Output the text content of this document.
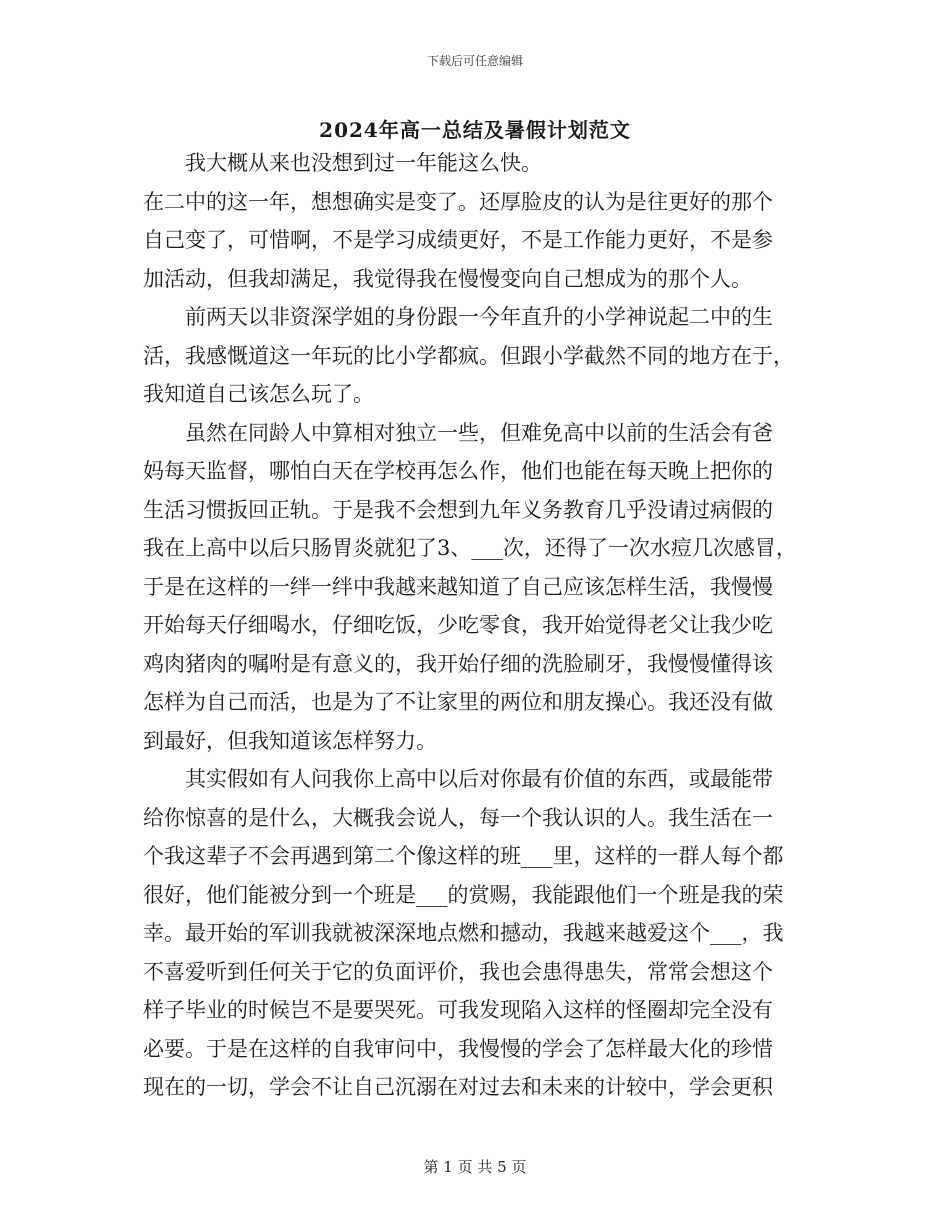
下载后可任意编辑
2024年高一总结及暑假计划范文
我大概从来也没想到过一年能这么快。
在二中的这一年，想想确实是变了。还厚脸皮的认为是往更好的那个
自己变了，可惜啊，不是学习成绩更好，不是工作能力更好，不是参
加活动，但我却满足，我觉得我在慢慢变向自己想成为的那个人。
前两天以非资深学姐的身份跟一今年直升的小学神说起二中的生
活，我感慨道这一年玩的比小学都疯。但跟小学截然不同的地方在于，
我知道自己该怎么玩了。
虽然在同龄人中算相对独立一些，但难免高中以前的生活会有爸
妈每天监督，哪怕白天在学校再怎么作，他们也能在每天晚上把你的
生活习惯扳回正轨。于是我不会想到九年义务教育几乎没请过病假的
我在上高中以后只肠胃炎就犯了3、___次，还得了一次水痘几次感冒，
于是在这样的一绊一绊中我越来越知道了自己应该怎样生活，我慢慢
开始每天仔细喝水，仔细吃饭，少吃零食，我开始觉得老父让我少吃
鸡肉猪肉的嘱咐是有意义的，我开始仔细的洗脸刷牙，我慢慢懂得该
怎样为自己而活，也是为了不让家里的两位和朋友操心。我还没有做
到最好，但我知道该怎样努力。
其实假如有人问我你上高中以后对你最有价值的东西，或最能带
给你惊喜的是什么，大概我会说人，每一个我认识的人。我生活在一
个我这辈子不会再遇到第二个像这样的班___里，这样的一群人每个都
很好，他们能被分到一个班是___的赏赐，我能跟他们一个班是我的荣
幸。最开始的军训我就被深深地点燃和撼动，我越来越爱这个___，我
不喜爱听到任何关于它的负面评价，我也会患得患失，常常会想这个
样子毕业的时候岂不是要哭死。可我发现陷入这样的怪圈却完全没有
必要。于是在这样的自我审问中，我慢慢的学会了怎样最大化的珍惜
现在的一切，学会不让自己沉溺在对过去和未来的计较中，学会更积
第 1 页 共 5 页
